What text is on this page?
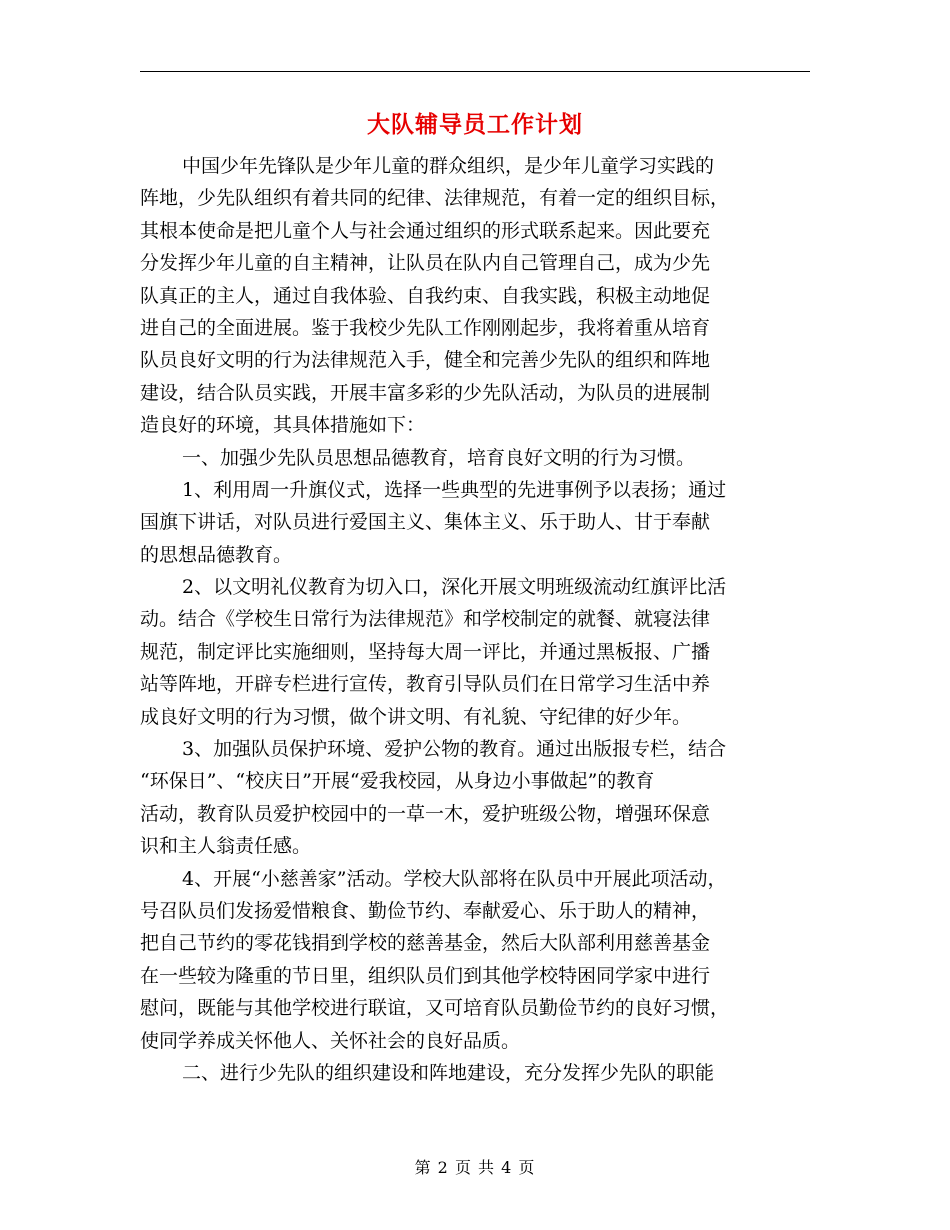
大队辅导员工作计划
中国少年先锋队是少年儿童的群众组织，是少年儿童学习实践的
阵地，少先队组织有着共同的纪律、法律规范，有着一定的组织目标，
其根本使命是把儿童个人与社会通过组织的形式联系起来。因此要充
分发挥少年儿童的自主精神，让队员在队内自己管理自己，成为少先
队真正的主人，通过自我体验、自我约束、自我实践，积极主动地促
进自己的全面进展。鉴于我校少先队工作刚刚起步，我将着重从培育
队员良好文明的行为法律规范入手，健全和完善少先队的组织和阵地
建设，结合队员实践，开展丰富多彩的少先队活动，为队员的进展制
造良好的环境，其具体措施如下：
一、加强少先队员思想品德教育，培育良好文明的行为习惯。
1、利用周一升旗仪式，选择一些典型的先进事例予以表扬；通过
国旗下讲话，对队员进行爱国主义、集体主义、乐于助人、甘于奉献
的思想品德教育。
2、以文明礼仪教育为切入口，深化开展文明班级流动红旗评比活
动。结合《学校生日常行为法律规范》和学校制定的就餐、就寝法律
规范，制定评比实施细则，坚持每大周一评比，并通过黑板报、广播
站等阵地，开辟专栏进行宣传，教育引导队员们在日常学习生活中养
成良好文明的行为习惯，做个讲文明、有礼貌、守纪律的好少年。
3、加强队员保护环境、爱护公物的教育。通过出版报专栏，结合
“环保日”、“校庆日”开展“爱我校园，从身边小事做起”的教育
活动，教育队员爱护校园中的一草一木，爱护班级公物，增强环保意
识和主人翁责任感。
4、开展“小慈善家”活动。学校大队部将在队员中开展此项活动，
号召队员们发扬爱惜粮食、勤俭节约、奉献爱心、乐于助人的精神，
把自己节约的零花钱捐到学校的慈善基金，然后大队部利用慈善基金
在一些较为隆重的节日里，组织队员们到其他学校特困同学家中进行
慰问，既能与其他学校进行联谊，又可培育队员勤俭节约的良好习惯，
使同学养成关怀他人、关怀社会的良好品质。
二、进行少先队的组织建设和阵地建设，充分发挥少先队的职能
第 2 页 共 4 页
